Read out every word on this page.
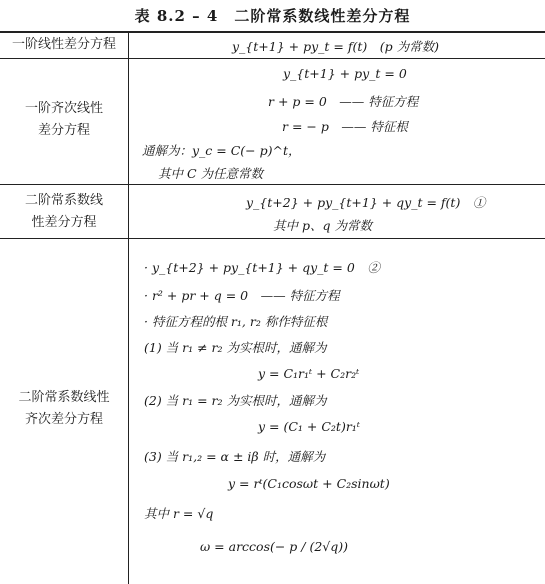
表 8.2 – 4　二阶常系数线性差分方程
一阶线性差分方程	y_{t+1} + py_t = f(t)　(p 为常数)
一阶齐次线性
差分方程
y_{t+1} + py_t = 0
r + p = 0　—— 特征方程
r = − p　—— 特征根
通解为：y_c = C(− p)^t，
其中 C 为任意常数
二阶常系数线
性差分方程
y_{t+2} + py_{t+1} + qy_t = f(t)　①
其中 p、q 为常数
二阶常系数线性
齐次差分方程
· y_{t+2} + py_{t+1} + qy_t = 0　②
· r² + pr + q = 0　—— 特征方程
· 特征方程的根 r₁, r₂ 称作特征根
(1) 当 r₁ ≠ r₂ 为实根时，通解为
y = C₁r₁ᵗ + C₂r₂ᵗ
(2) 当 r₁ = r₂ 为实根时，通解为
y = (C₁ + C₂t)r₁ᵗ
(3) 当 r₁,₂ = α ± iβ 时，通解为
y = rᵗ(C₁cosωt + C₂sinωt)
其中 r = √q
ω = arccos(− p / (2√q))
